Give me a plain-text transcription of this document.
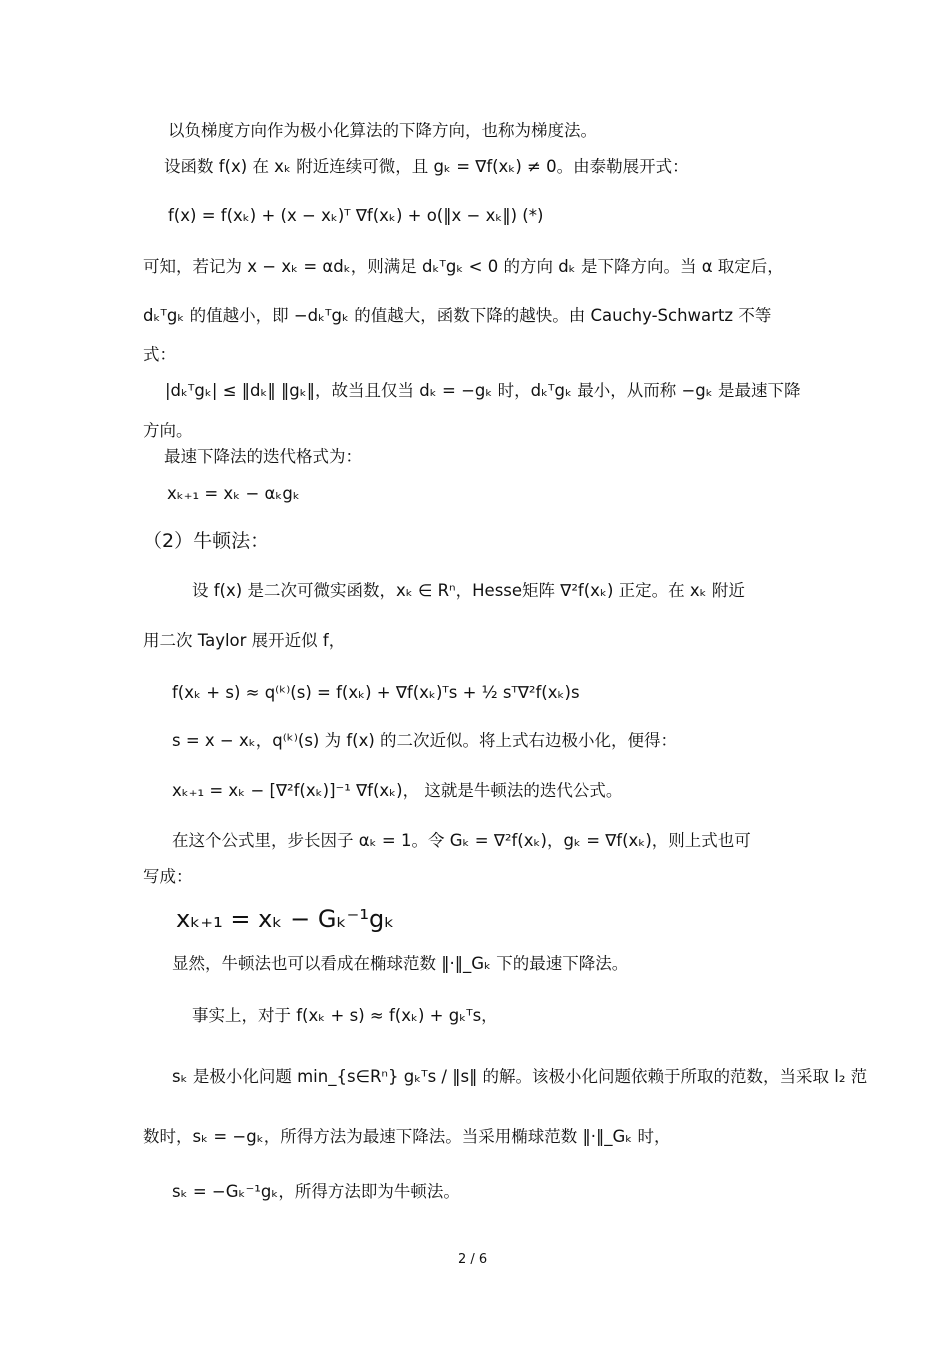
以负梯度方向作为极小化算法的下降方向，也称为梯度法。
设函数 f(x) 在 xₖ 附近连续可微，且 gₖ = ∇f(xₖ) ≠ 0。由泰勒展开式：
f(x) = f(xₖ) + (x − xₖ)ᵀ ∇f(xₖ) + o(‖x − xₖ‖) (*)
可知，若记为 x − xₖ = αdₖ，则满足 dₖᵀgₖ < 0 的方向 dₖ 是下降方向。当 α 取定后，
dₖᵀgₖ 的值越小，即 −dₖᵀgₖ 的值越大，函数下降的越快。由 Cauchy-Schwartz 不等
式：
|dₖᵀgₖ| ≤ ‖dₖ‖ ‖gₖ‖，故当且仅当 dₖ = −gₖ 时，dₖᵀgₖ 最小，从而称 −gₖ 是最速下降
方向。
最速下降法的迭代格式为：
xₖ₊₁ = xₖ − αₖgₖ
（2）牛顿法：
设 f(x) 是二次可微实函数，xₖ ∈ Rⁿ，Hesse矩阵 ∇²f(xₖ) 正定。在 xₖ 附近
用二次 Taylor 展开近似 f，
f(xₖ + s) ≈ q⁽ᵏ⁾(s) = f(xₖ) + ∇f(xₖ)ᵀs + ½ sᵀ∇²f(xₖ)s
s = x − xₖ，q⁽ᵏ⁾(s) 为 f(x) 的二次近似。将上式右边极小化，便得：
xₖ₊₁ = xₖ − [∇²f(xₖ)]⁻¹ ∇f(xₖ)， 这就是牛顿法的迭代公式。
在这个公式里，步长因子 αₖ = 1。令 Gₖ = ∇²f(xₖ)，gₖ = ∇f(xₖ)，则上式也可
写成：
xₖ₊₁ = xₖ − Gₖ⁻¹gₖ
显然，牛顿法也可以看成在椭球范数 ‖·‖_Gₖ 下的最速下降法。
事实上，对于 f(xₖ + s) ≈ f(xₖ) + gₖᵀs，
sₖ 是极小化问题 min_{s∈Rⁿ} gₖᵀs / ‖s‖ 的解。该极小化问题依赖于所取的范数，当采取 l₂ 范
数时，sₖ = −gₖ，所得方法为最速下降法。当采用椭球范数 ‖·‖_Gₖ 时，
sₖ = −Gₖ⁻¹gₖ，所得方法即为牛顿法。
2 / 6
